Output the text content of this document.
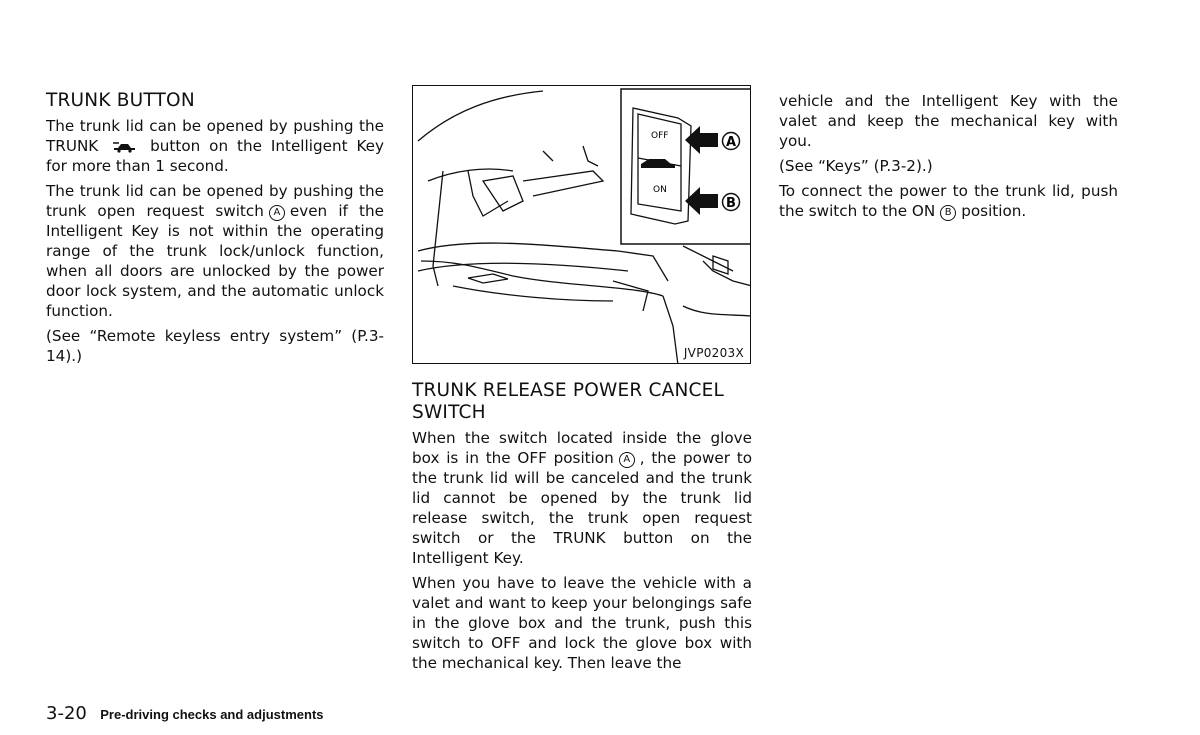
TRUNK BUTTON

The trunk lid can be opened by pushing the TRUNK	button on the Intelligent Key for more than 1 second.

The trunk lid can be opened by pushing the trunk open request switch A even if the Intelligent Key is not within the operating range of the trunk lock/unlock function, when all doors are unlocked by the power door lock system, and the automatic unlock function.

(See “Remote keyless entry system” (P.3-14).)

OFF
ON
A
B
JVP0203X
TRUNK RELEASE POWER CANCEL SWITCH

When the switch located inside the glove box is in the OFF position A , the power to the trunk lid will be canceled and the trunk lid cannot be opened by the trunk lid release switch, the trunk open request switch or the TRUNK button on the Intelligent Key.

When you have to leave the vehicle with a valet and want to keep your belongings safe in the glove box and the trunk, push this switch to OFF and lock the glove box with the mechanical key. Then leave the

vehicle and the Intelligent Key with the valet and keep the mechanical key with you.

(See “Keys” (P.3-2).)

To connect the power to the trunk lid, push the switch to the ON B position.

3-20 Pre-driving checks and adjustments
